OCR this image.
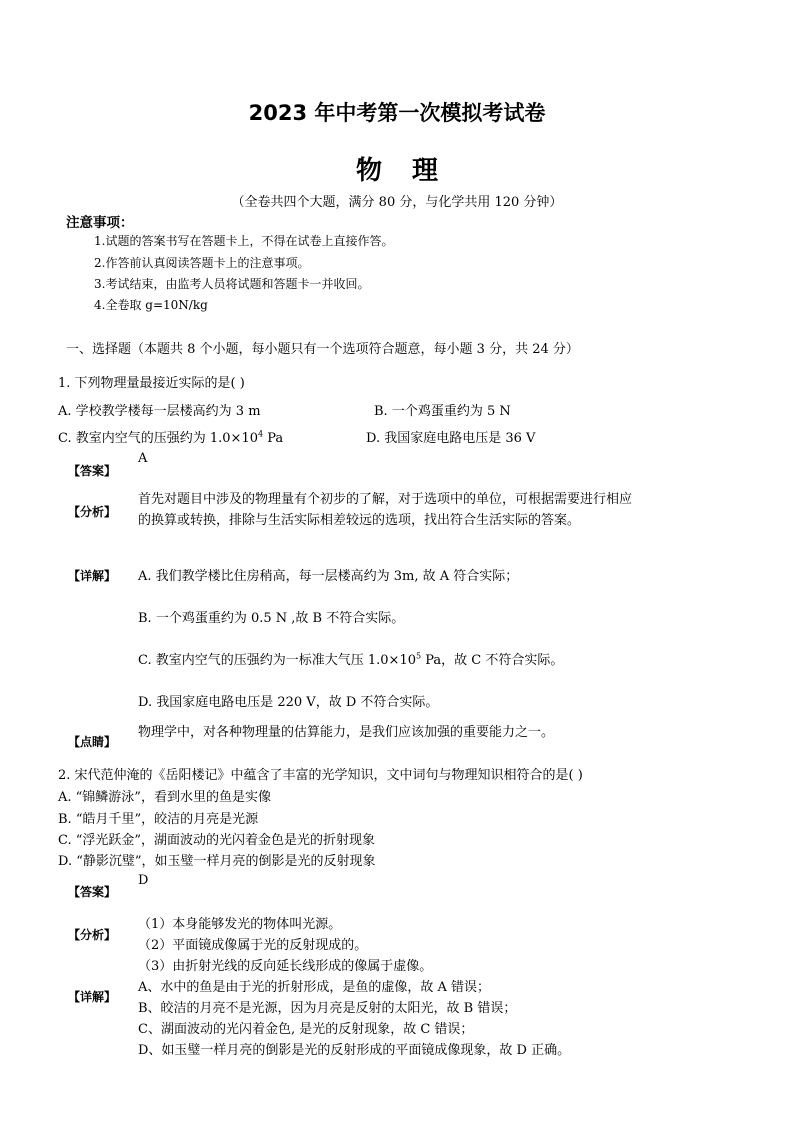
2023 年中考第一次模拟考试卷
物理
（全卷共四个大题，满分 80 分，与化学共用 120 分钟）
注意事项：
1.试题的答案书写在答题卡上，不得在试卷上直接作答。
2.作答前认真阅读答题卡上的注意事项。
3.考试结束，由监考人员将试题和答题卡一并收回。
4.全卷取 g=10N/kg
一、选择题（本题共 8 个小题，每小题只有一个选项符合题意，每小题 3 分，共 24 分）
1. 下列物理量最接近实际的是( )
A. 学校教学楼每一层楼高约为 3 m	B. 一个鸡蛋重约为 5 N
C. 教室内空气的压强约为 $1.0\times 10^4$ Pa	D. 我国家庭电路电压是 36 V
【答案】
A
【分析】
首先对题目中涉及的物理量有个初步的了解，对于选项中的单位，可根据需要进行相应的换算或转换，排除与生活实际相差较远的选项，找出符合生活实际的答案。
【详解】 A. 我们教学楼比住房稍高，每一层楼高约为 3m, 故 A 符合实际；
B. 一个鸡蛋重约为 0.5 N ,故 B 不符合实际。
C. 教室内空气的压强约为一标准大气压 $1.0\times 10^5$ Pa，故 C 不符合实际。
D. 我国家庭电路电压是 220 V，故 D 不符合实际。
物理学中，对各种物理量的估算能力，是我们应该加强的重要能力之一。
【点睛】
2. 宋代范仲淹的《岳阳楼记》中蕴含了丰富的光学知识，文中词句与物理知识相符合的是( )
A. “锦鳞游泳”，看到水里的鱼是实像
B. “皓月千里”，皎洁的月亮是光源
C. “浮光跃金”，湖面波动的光闪着金色是光的折射现象
D. “静影沉璧”，如玉璧一样月亮的倒影是光的反射现象
【答案】
D
【分析】
（1）本身能够发光的物体叫光源。
（2）平面镜成像属于光的反射现成的。
（3）由折射光线的反向延长线形成的像属于虚像。
【详解】
A、水中的鱼是由于光的折射形成，是鱼的虚像，故 A 错误；
B、皎洁的月亮不是光源，因为月亮是反射的太阳光，故 B 错误；
C、湖面波动的光闪着金色, 是光的反射现象，故 C 错误；
D、如玉璧一样月亮的倒影是光的反射形成的平面镜成像现象，故 D 正确。
